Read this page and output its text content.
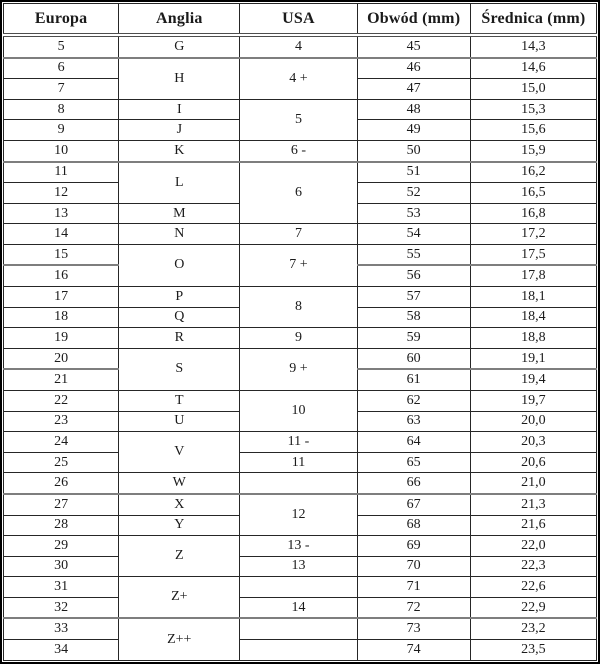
Europa	Anglia	USA	Obwód (mm)	Średnica (mm)
5	G	4	45	14,3
6	H	4 +	46	14,6
7			47	15,0
8	I	5	48	15,3
9	J		49	15,6
10	K	6 -	50	15,9
11	L	6	51	16,2
12			52	16,5
13	M		53	16,8
14	N	7	54	17,2
15	O	7 +	55	17,5
16			56	17,8
17	P	8	57	18,1
18	Q		58	18,4
19	R	9	59	18,8
20	S	9 +	60	19,1
21			61	19,4
22	T	10	62	19,7
23	U		63	20,0
24	V	11 -	64	20,3
25		11	65	20,6
26	W		66	21,0
27	X	12	67	21,3
28	Y		68	21,6
29	Z	13 -	69	22,0
30		13	70	22,3
31	Z+		71	22,6
32		14	72	22,9
33	Z++		73	23,2
34			74	23,5
